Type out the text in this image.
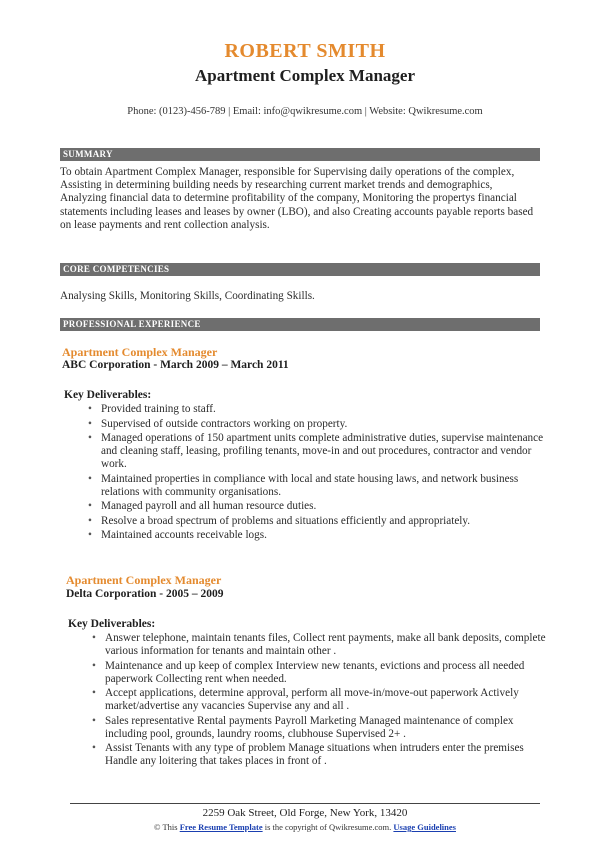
ROBERT SMITH
Apartment Complex Manager
Phone: (0123)-456-789 | Email: info@qwikresume.com | Website: Qwikresume.com
SUMMARY
To obtain Apartment Complex Manager, responsible for Supervising daily operations of the complex, Assisting in determining building needs by researching current market trends and demographics, Analyzing financial data to determine profitability of the company, Monitoring the propertys financial statements including leases and leases by owner (LBO), and also Creating accounts payable reports based on lease payments and rent collection analysis.
CORE COMPETENCIES
Analysing Skills, Monitoring Skills, Coordinating Skills.
PROFESSIONAL EXPERIENCE
Apartment Complex Manager
ABC Corporation - March 2009 – March 2011
Key Deliverables:
• Provided training to staff.
• Supervised of outside contractors working on property.
• Managed operations of 150 apartment units complete administrative duties, supervise maintenance and cleaning staff, leasing, profiling tenants, move-in and out procedures, contractor and vendor work.
• Maintained properties in compliance with local and state housing laws, and network business relations with community organisations.
• Managed payroll and all human resource duties.
• Resolve a broad spectrum of problems and situations efficiently and appropriately.
• Maintained accounts receivable logs.
Apartment Complex Manager
Delta Corporation - 2005 – 2009
Key Deliverables:
• Answer telephone, maintain tenants files, Collect rent payments, make all bank deposits, complete various information for tenants and maintain other .
• Maintenance and up keep of complex Interview new tenants, evictions and process all needed paperwork Collecting rent when needed.
• Accept applications, determine approval, perform all move-in/move-out paperwork Actively market/advertise any vacancies Supervise any and all .
• Sales representative Rental payments Payroll Marketing Managed maintenance of complex including pool, grounds, laundry rooms, clubhouse Supervised 2+ .
• Assist Tenants with any type of problem Manage situations when intruders enter the premises Handle any loitering that takes places in front of .
2259 Oak Street, Old Forge, New York, 13420
© This Free Resume Template is the copyright of Qwikresume.com. Usage Guidelines
